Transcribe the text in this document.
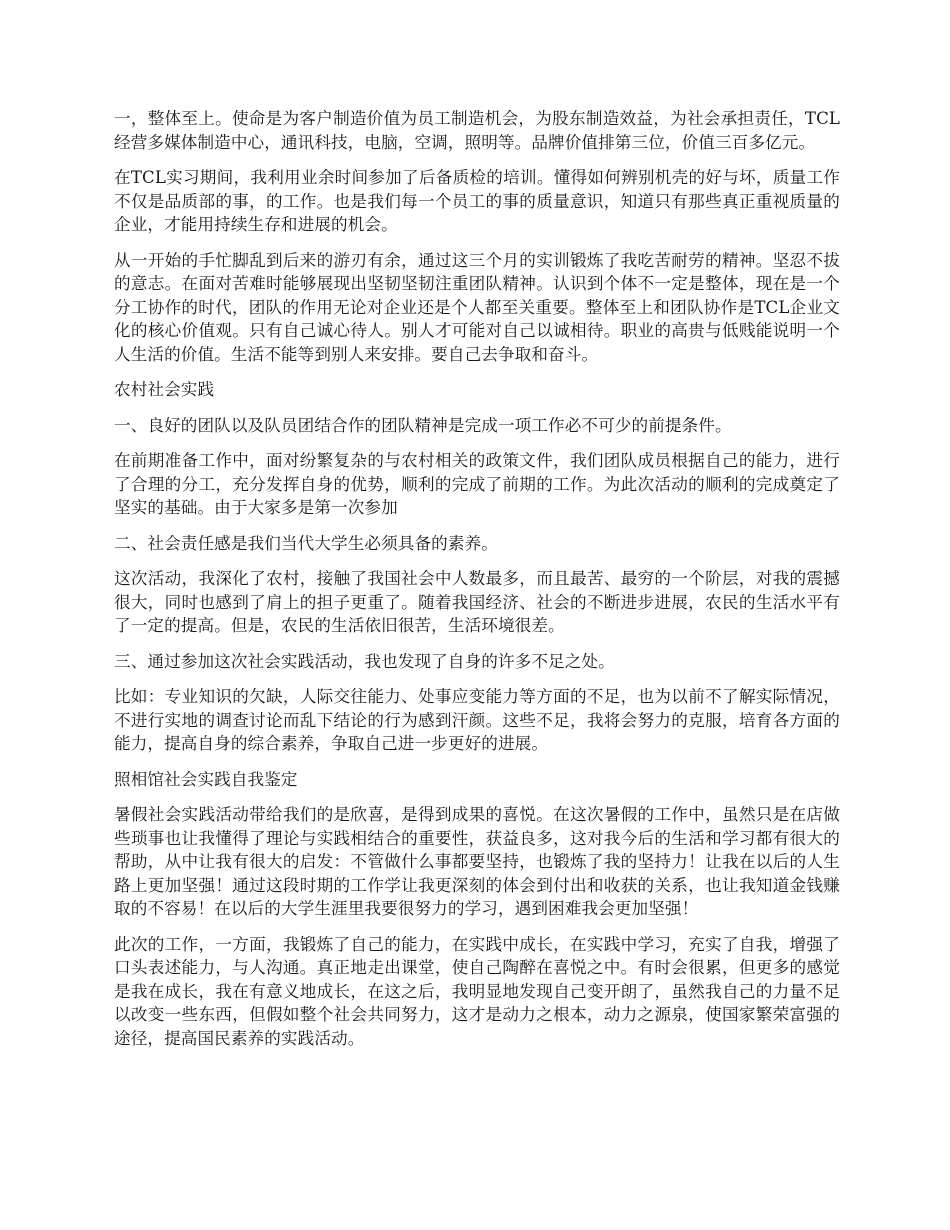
一，整体至上。使命是为客户制造价值为员工制造机会，为股东制造效益，为社会承担责任，TCL经营多媒体制造中心，通讯科技，电脑，空调，照明等。品牌价值排第三位，价值三百多亿元。

在TCL实习期间，我利用业余时间参加了后备质检的培训。懂得如何辨别机壳的好与坏，质量工作不仅是品质部的事，的工作。也是我们每一个员工的事的质量意识，知道只有那些真正重视质量的企业，才能用持续生存和进展的机会。

从一开始的手忙脚乱到后来的游刃有余，通过这三个月的实训锻炼了我吃苦耐劳的精神。坚忍不拔的意志。在面对苦难时能够展现出坚韧坚韧注重团队精神。认识到个体不一定是整体，现在是一个分工协作的时代，团队的作用无论对企业还是个人都至关重要。整体至上和团队协作是TCL企业文化的核心价值观。只有自己诚心待人。别人才可能对自己以诚相待。职业的高贵与低贱能说明一个人生活的价值。生活不能等到别人来安排。要自己去争取和奋斗。

农村社会实践

一、良好的团队以及队员团结合作的团队精神是完成一项工作必不可少的前提条件。

在前期准备工作中，面对纷繁复杂的与农村相关的政策文件，我们团队成员根据自己的能力，进行了合理的分工，充分发挥自身的优势，顺利的完成了前期的工作。为此次活动的顺利的完成奠定了坚实的基础。由于大家多是第一次参加

二、社会责任感是我们当代大学生必须具备的素养。

这次活动，我深化了农村，接触了我国社会中人数最多，而且最苦、最穷的一个阶层，对我的震撼很大，同时也感到了肩上的担子更重了。随着我国经济、社会的不断进步进展，农民的生活水平有了一定的提高。但是，农民的生活依旧很苦，生活环境很差。

三、通过参加这次社会实践活动，我也发现了自身的许多不足之处。

比如：专业知识的欠缺，人际交往能力、处事应变能力等方面的不足，也为以前不了解实际情况，不进行实地的调查讨论而乱下结论的行为感到汗颜。这些不足，我将会努力的克服，培育各方面的能力，提高自身的综合素养，争取自己进一步更好的进展。

照相馆社会实践自我鉴定

暑假社会实践活动带给我们的是欣喜，是得到成果的喜悦。在这次暑假的工作中，虽然只是在店做些琐事也让我懂得了理论与实践相结合的重要性，获益良多，这对我今后的生活和学习都有很大的帮助，从中让我有很大的启发：不管做什么事都要坚持，也锻炼了我的坚持力！让我在以后的人生路上更加坚强！通过这段时期的工作学让我更深刻的体会到付出和收获的关系，也让我知道金钱赚取的不容易！在以后的大学生涯里我要很努力的学习，遇到困难我会更加坚强！

此次的工作，一方面，我锻炼了自己的能力，在实践中成长，在实践中学习，充实了自我，增强了口头表述能力，与人沟通。真正地走出课堂，使自己陶醉在喜悦之中。有时会很累，但更多的感觉是我在成长，我在有意义地成长，在这之后，我明显地发现自己变开朗了，虽然我自己的力量不足以改变一些东西，但假如整个社会共同努力，这才是动力之根本，动力之源泉，使国家繁荣富强的途径，提高国民素养的实践活动。
